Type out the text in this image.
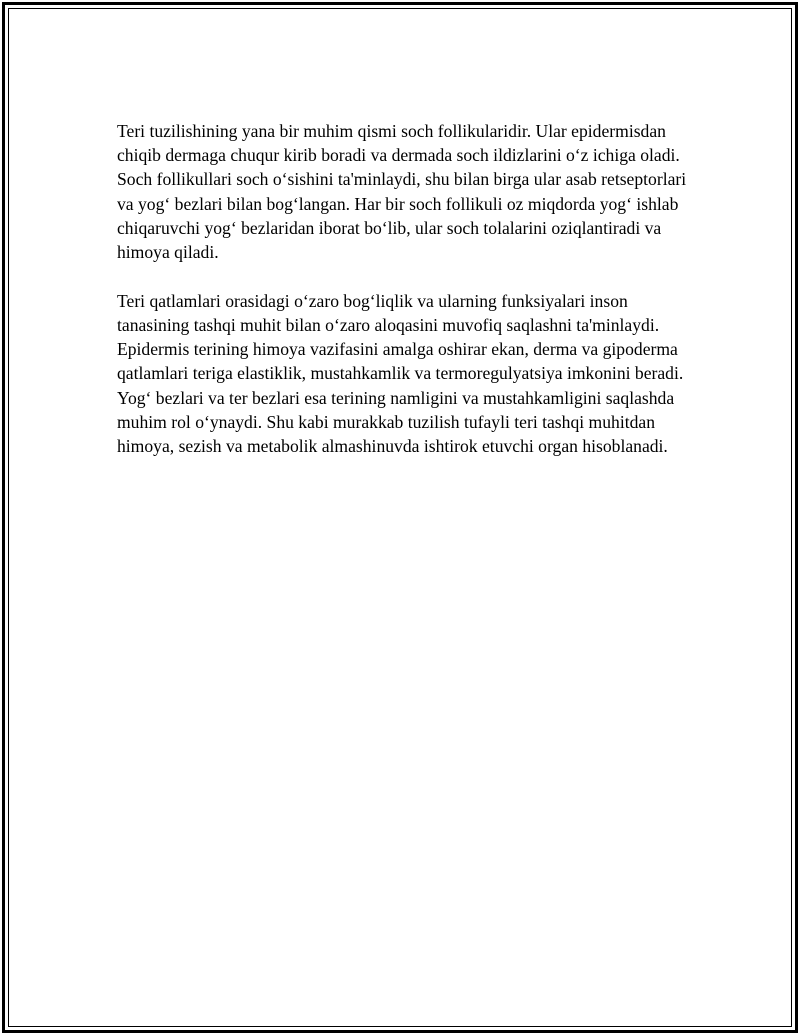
Teri tuzilishining yana bir muhim qismi soch follikularidir. Ular epidermisdan chiqib dermaga chuqur kirib boradi va dermada soch ildizlarini o‘z ichiga oladi. Soch follikullari soch o‘sishini ta'minlaydi, shu bilan birga ular asab retseptorlari va yog‘ bezlari bilan bog‘langan. Har bir soch follikuli oz miqdorda yog‘ ishlab chiqaruvchi yog‘ bezlaridan iborat bo‘lib, ular soch tolalarini oziqlantiradi va himoya qiladi.

Teri qatlamlari orasidagi o‘zaro bog‘liqlik va ularning funksiyalari inson tanasining tashqi muhit bilan o‘zaro aloqasini muvofiq saqlashni ta'minlaydi. Epidermis terining himoya vazifasini amalga oshirar ekan, derma va gipoderma qatlamlari teriga elastiklik, mustahkamlik va termoregulyatsiya imkonini beradi. Yog‘ bezlari va ter bezlari esa terining namligini va mustahkamligini saqlashda muhim rol o‘ynaydi. Shu kabi murakkab tuzilish tufayli teri tashqi muhitdan himoya, sezish va metabolik almashinuvda ishtirok etuvchi organ hisoblanadi.
